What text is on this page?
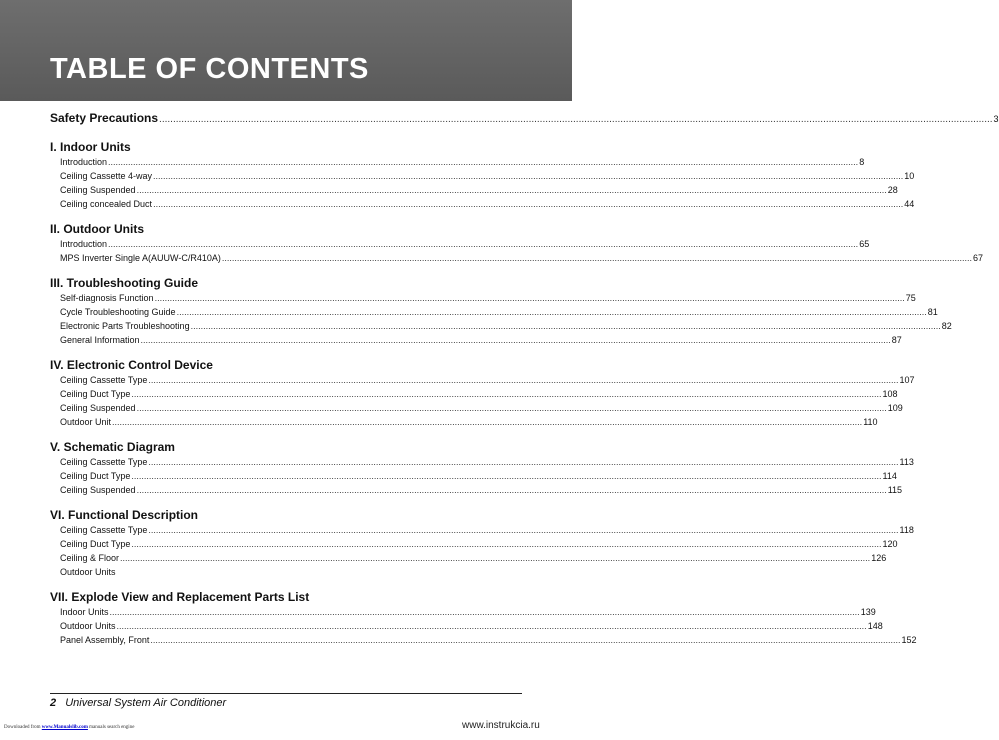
TABLE OF CONTENTS
Safety Precautions ............................................................................................................................................................................................................................................................................................................ 3
I. Indoor Units
Introduction ............................................................................................................................................................................................................................................................................................................ 8
Ceiling Cassette 4-way ............................................................................................................................................................................................................................................................................................................ 10
Ceiling Suspended ............................................................................................................................................................................................................................................................................................................ 28
Ceiling concealed Duct ............................................................................................................................................................................................................................................................................................................ 44
II. Outdoor Units
Introduction ............................................................................................................................................................................................................................................................................................................ 65
MPS Inverter Single A(AUUW-C/R410A) ............................................................................................................................................................................................................................................................................................................ 67
III. Troubleshooting Guide
Self-diagnosis Function ............................................................................................................................................................................................................................................................................................................ 75
Cycle Troubleshooting Guide ............................................................................................................................................................................................................................................................................................................ 81
Electronic Parts Troubleshooting ............................................................................................................................................................................................................................................................................................................ 82
General Information ............................................................................................................................................................................................................................................................................................................ 87
IV. Electronic Control Device
Ceiling Cassette Type ............................................................................................................................................................................................................................................................................................................ 107
Ceiling Duct Type ............................................................................................................................................................................................................................................................................................................ 108
Ceiling Suspended ............................................................................................................................................................................................................................................................................................................ 109
Outdoor Unit ............................................................................................................................................................................................................................................................................................................ 110
V. Schematic Diagram
Ceiling Cassette Type ............................................................................................................................................................................................................................................................................................................ 113
Ceiling Duct Type ............................................................................................................................................................................................................................................................................................................ 114
Ceiling Suspended ............................................................................................................................................................................................................................................................................................................ 115
VI. Functional Description
Ceiling Cassette Type ............................................................................................................................................................................................................................................................................................................ 118
Ceiling Duct Type ............................................................................................................................................................................................................................................................................................................ 120
Ceiling & Floor ............................................................................................................................................................................................................................................................................................................ 126
Outdoor Units
VII. Explode View and Replacement Parts List
Indoor Units ............................................................................................................................................................................................................................................................................................................ 139
Outdoor Units ............................................................................................................................................................................................................................................................................................................ 148
Panel Assembly, Front ............................................................................................................................................................................................................................................................................................................ 152
2 Universal System Air Conditioner
Downloaded from www.Manualslib.com manuals search engine	www.instrukcia.ru
